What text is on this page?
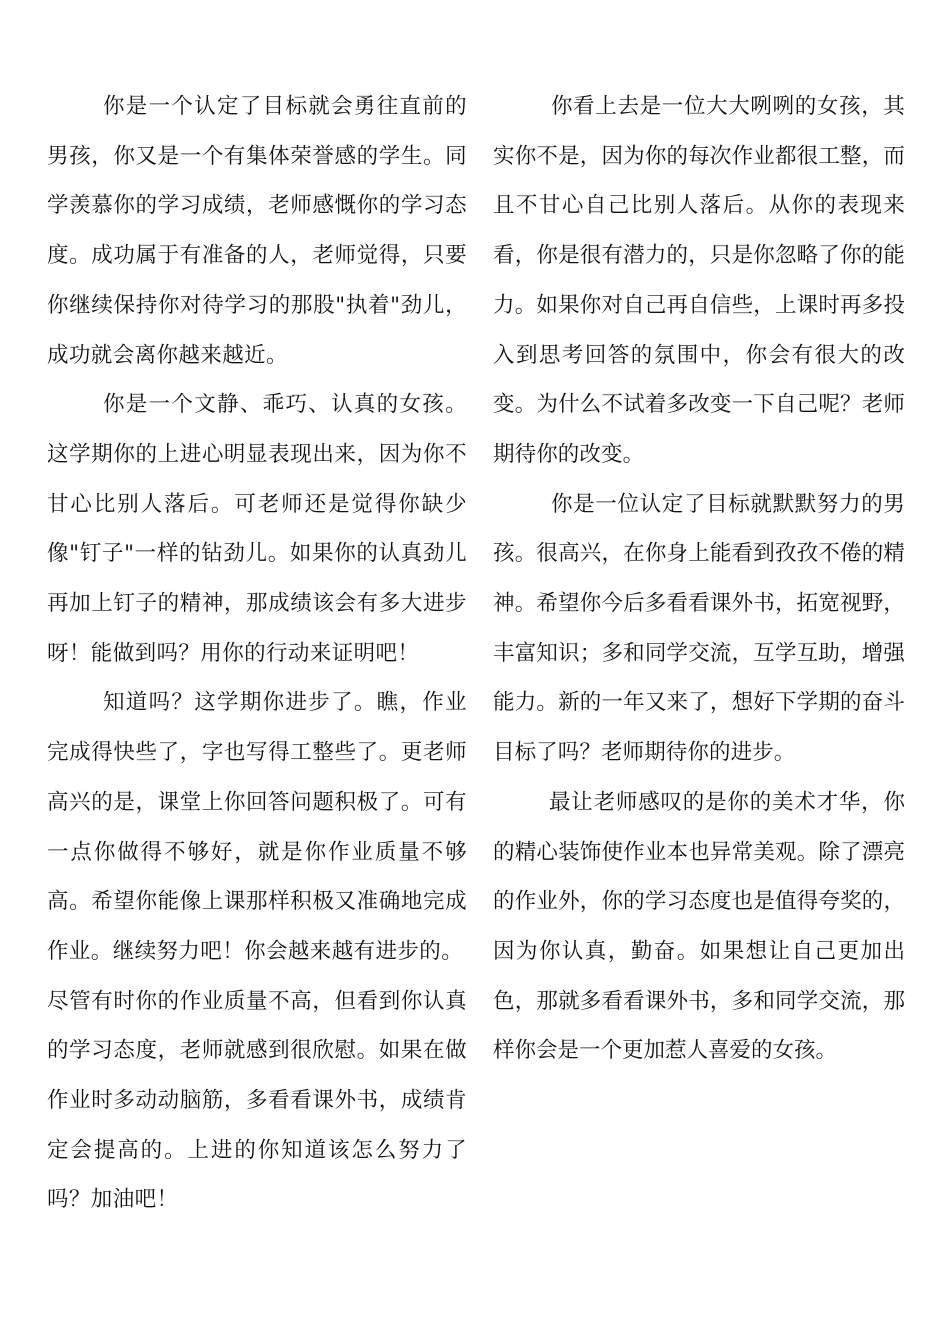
你是一个认定了目标就会勇往直前的男孩，你又是一个有集体荣誉感的学生。同学羡慕你的学习成绩，老师感慨你的学习态度。成功属于有准备的人，老师觉得，只要你继续保持你对待学习的那股"执着"劲儿，成功就会离你越来越近。

你是一个文静、乖巧、认真的女孩。这学期你的上进心明显表现出来，因为你不甘心比别人落后。可老师还是觉得你缺少像"钉子"一样的钻劲儿。如果你的认真劲儿再加上钉子的精神，那成绩该会有多大进步呀！能做到吗？用你的行动来证明吧！

知道吗？这学期你进步了。瞧，作业完成得快些了，字也写得工整些了。更老师高兴的是，课堂上你回答问题积极了。可有一点你做得不够好，就是你作业质量不够高。希望你能像上课那样积极又准确地完成作业。继续努力吧！你会越来越有进步的。

尽管有时你的作业质量不高，但看到你认真的学习态度，老师就感到很欣慰。如果在做作业时多动动脑筋，多看看课外书，成绩肯定会提高的。上进的你知道该怎么努力了吗？加油吧！

你看上去是一位大大咧咧的女孩，其实你不是，因为你的每次作业都很工整，而且不甘心自己比别人落后。从你的表现来看，你是很有潜力的，只是你忽略了你的能力。如果你对自己再自信些，上课时再多投入到思考回答的氛围中，你会有很大的改变。为什么不试着多改变一下自己呢？老师期待你的改变。

你是一位认定了目标就默默努力的男孩。很高兴，在你身上能看到孜孜不倦的精神。希望你今后多看看课外书，拓宽视野，丰富知识；多和同学交流，互学互助，增强能力。新的一年又来了，想好下学期的奋斗目标了吗？老师期待你的进步。

最让老师感叹的是你的美术才华，你的精心装饰使作业本也异常美观。除了漂亮的作业外，你的学习态度也是值得夸奖的，因为你认真，勤奋。如果想让自己更加出色，那就多看看课外书，多和同学交流，那样你会是一个更加惹人喜爱的女孩。
